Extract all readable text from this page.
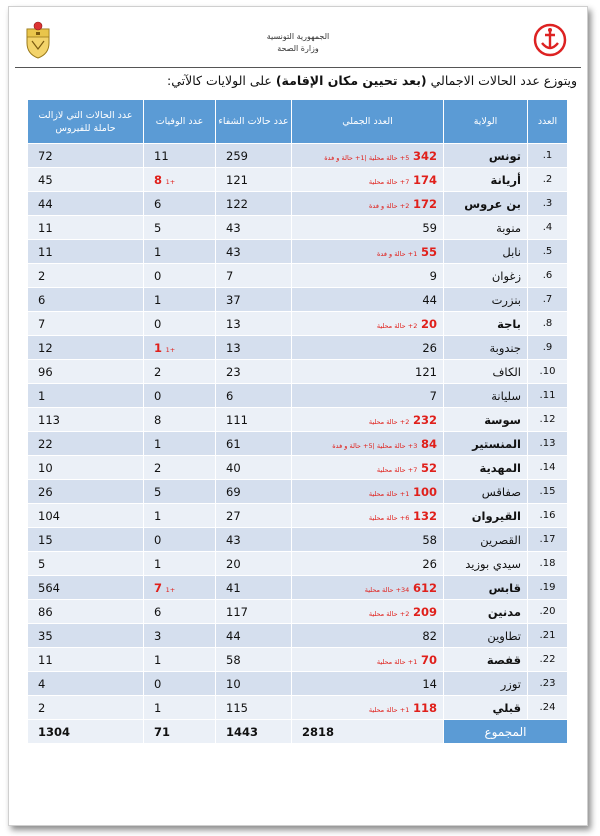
الجمهورية التونسية
وزارة الصحة
ويتوزع عدد الحالات الاجمالي (بعد تحيين مكان الإقامة) على الولايات كالآتي:
العدد	الولاية	العدد الجملي	عدد حالات الشفاء	عدد الوفيات	عدد الحالات التي لازالت حاملة للفيروس
1.	تونس	342 5+ حالة محلية |1+ حالة و فدة	259	11	72
2.	أريانة	174 7+ حالة محلية	121	8 1+	45
3.	بن عروس	172 2+ حالة و فدة	122	6	44
4.	منوبة	59	43	5	11
5.	نابل	55 1+ حالة و فدة	43	1	11
6.	زغوان	9	7	0	2
7.	بنزرت	44	37	1	6
8.	باجة	20 2+ حالة محلية	13	0	7
9.	جندوبة	26	13	1 1+	12
10.	الكاف	121	23	2	96
11.	سليانة	7	6	0	1
12.	سوسة	232 2+ حالة محلية	111	8	113
13.	المنستير	84 3+ حالة محلية |5+ حالة و فدة	61	1	22
14.	المهدية	52 7+ حالة محلية	40	2	10
15.	صفاقس	100 1+ حالة محلية	69	5	26
16.	القيروان	132 6+ حالة محلية	27	1	104
17.	القصرين	58	43	0	15
18.	سيدي بوزيد	26	20	1	5
19.	قابس	612 34+ حالة محلية	41	7 1+	564
20.	مدنين	209 2+ حالة محلية	117	6	86
21.	تطاوين	82	44	3	35
22.	قفصة	70 1+ حالة محلية	58	1	11
23.	توزر	14	10	0	4
24.	قبلي	118 1+ حالة محلية	115	1	2
المجموع		2818	1443	71	1304
